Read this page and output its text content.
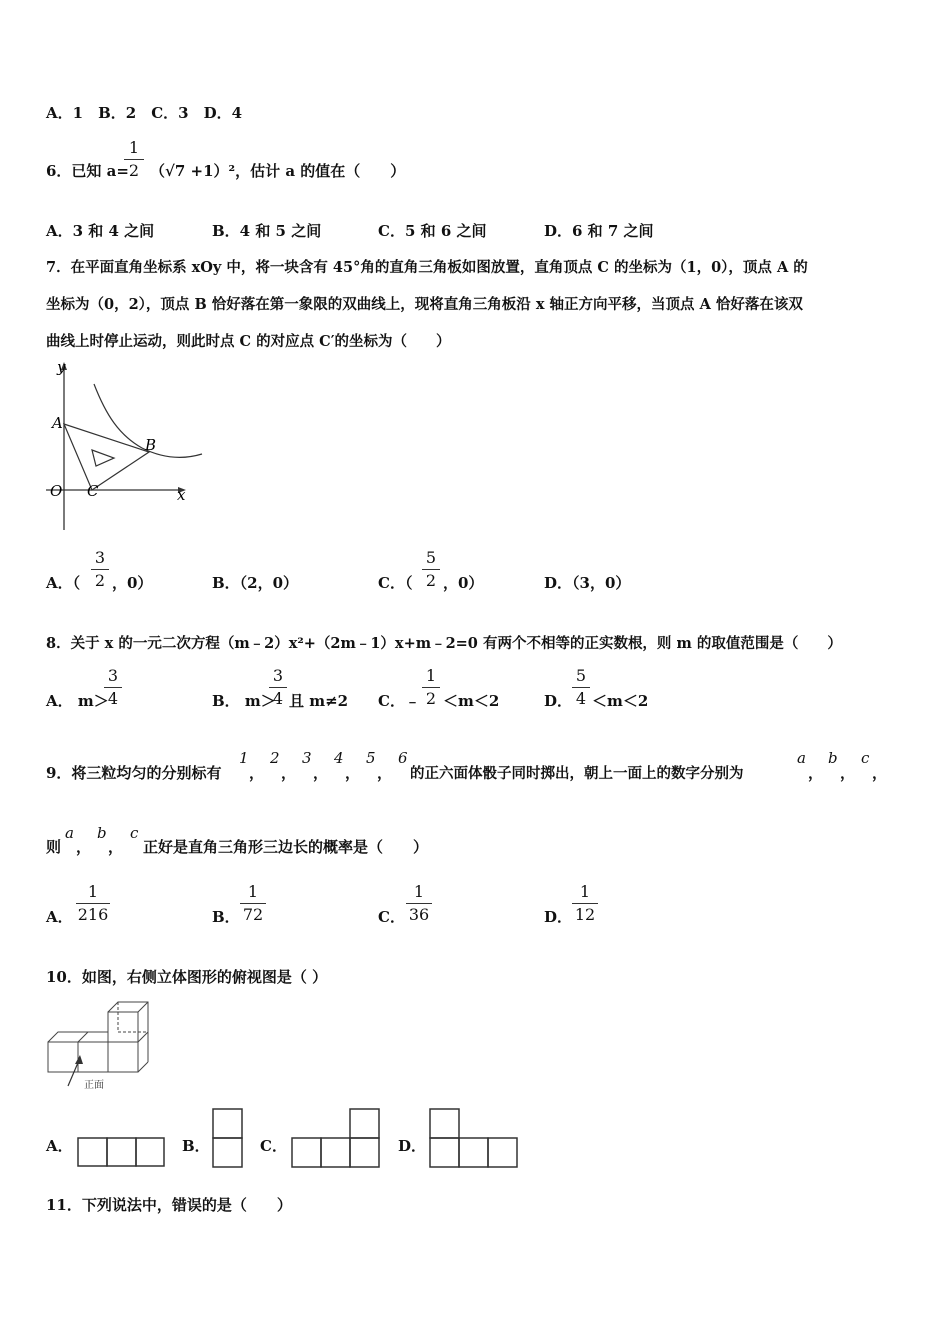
A．1　B．2　C．3　D．4
6．已知 a=
1
2 （√7 +1）²，估计 a 的值在（　　）
A．3 和 4 之间	B．4 和 5 之间	C．5 和 6 之间	D．6 和 7 之间
7．在平面直角坐标系 xOy 中，将一块含有 45°角的直角三角板如图放置，直角顶点 C 的坐标为（1，0），顶点 A 的
坐标为（0，2），顶点 B 恰好落在第一象限的双曲线上，现将直角三角板沿 x 轴正方向平移，当顶点 A 恰好落在该双
曲线上时停止运动，则此时点 C 的对应点 C′的坐标为（　　）
y
A
B
O C	x
A．（
3
2 ，0）	B．（2，0）	C．（
5
2 ，0）	D．（3，0）
8．关于 x 的一元二次方程（m﹣2）x²+（2m﹣1）x+m﹣2=0 有两个不相等的正实数根，则 m 的取值范围是（　　）
A． m＞
3
4	B． m＞
3
4 且 m≠2 C．﹣
1
2 ＜m＜2	D．
5
4 ＜m＜2
9．将三粒均匀的分别标有
1
，
2
，
3
，
4
，
5
，
6
的正六面体骰子同时掷出，朝上一面上的数字分别为
a
，
b
，
c
，
则
a
，
b
，
c
正好是直角三角形三边长的概率是（　　）
A．
1
216	B．
1
72	C．
1
36	D．
1
12
10．如图，右侧立体图形的俯视图是（ ）
正面
A．	B．	C．	D．
11．下列说法中，错误的是（　　）
